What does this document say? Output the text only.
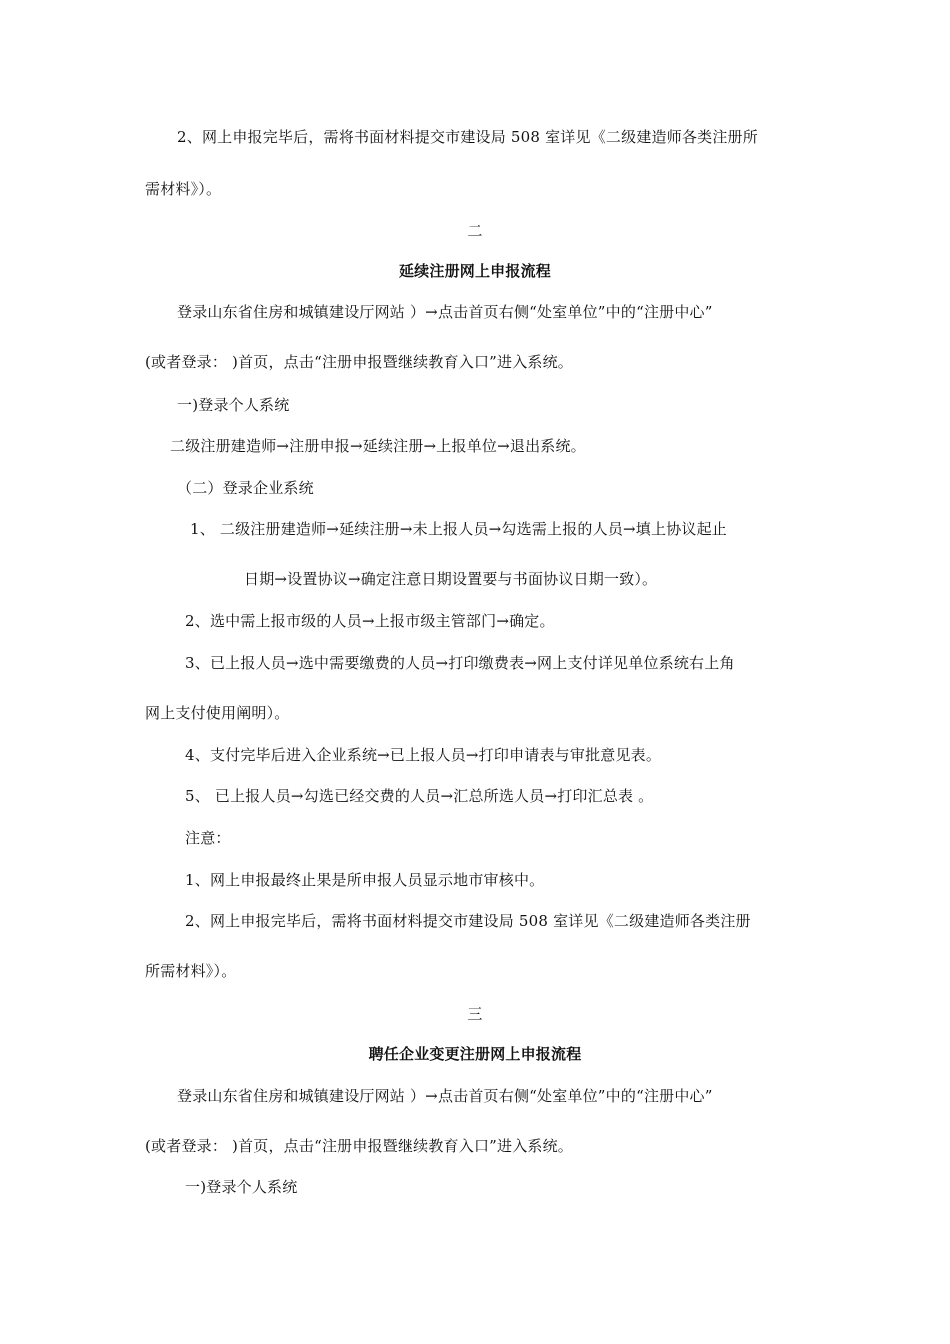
2、网上申报完毕后，需将书面材料提交市建设局 508 室详见《二级建造师各类注册所
需材料》）。
二
延续注册网上申报流程
登录山东省住房和城镇建设厅网站 ）→点击首页右侧“处室单位”中的“注册中心”
(或者登录： )首页，点击“注册申报暨继续教育入口”进入系统。
一)登录个人系统
二级注册建造师→注册申报→延续注册→上报单位→退出系统。
（二）登录企业系统
1、 二级注册建造师→延续注册→未上报人员→勾选需上报的人员→填上协议起止
日期→设置协议→确定注意日期设置要与书面协议日期一致）。
2、选中需上报市级的人员→上报市级主管部门→确定。
3、已上报人员→选中需要缴费的人员→打印缴费表→网上支付详见单位系统右上角
网上支付使用阐明）。
4、支付完毕后进入企业系统→已上报人员→打印申请表与审批意见表。
5、 已上报人员→勾选已经交费的人员→汇总所选人员→打印汇总表 。
注意：
1、网上申报最终止果是所申报人员显示地市审核中。
2、网上申报完毕后，需将书面材料提交市建设局 508 室详见《二级建造师各类注册
所需材料》）。
三
聘任企业变更注册网上申报流程
登录山东省住房和城镇建设厅网站 ）→点击首页右侧“处室单位”中的“注册中心”
(或者登录： )首页，点击“注册申报暨继续教育入口”进入系统。
一)登录个人系统
